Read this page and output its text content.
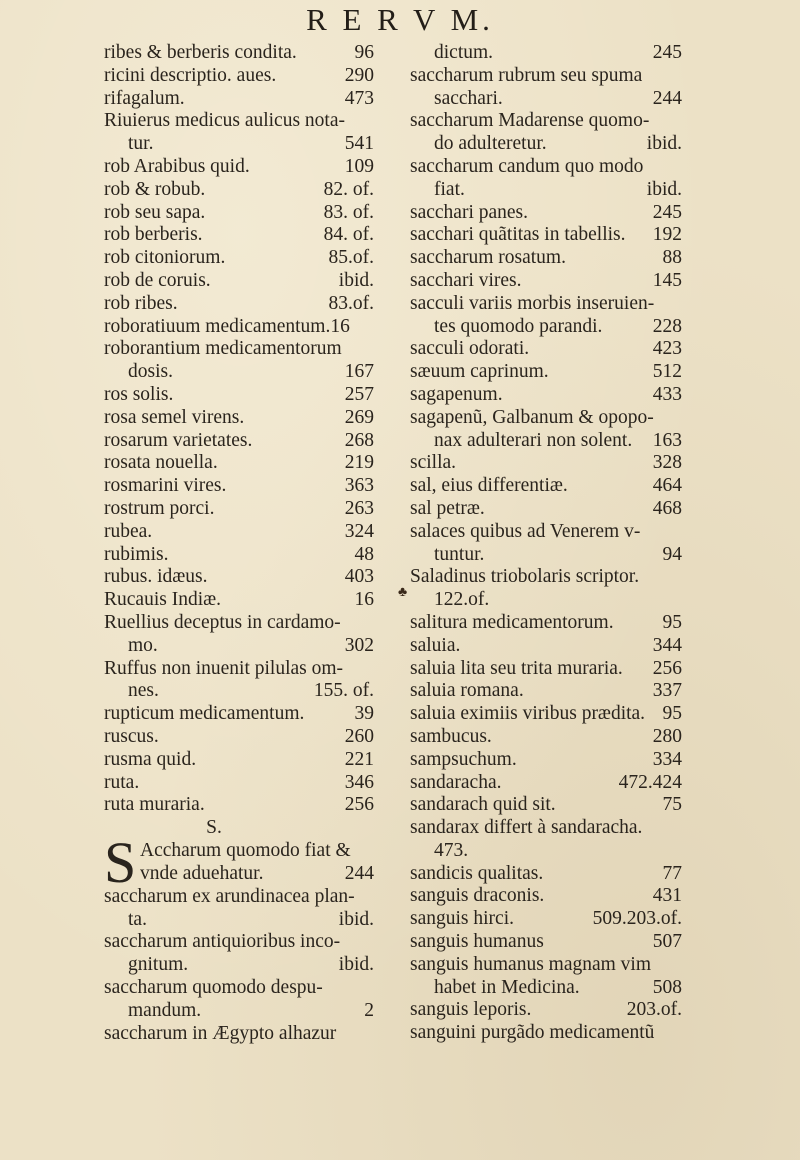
R E R V M.
ribes & berberis condita.	96
ricini descriptio. aues.	290
rifagalum.	473
Riuierus medicus aulicus nota-
tur.	541
rob Arabibus quid.	109
rob & robub.	82. of.
rob seu sapa.	83. of.
rob berberis.	84. of.
rob citoniorum.	85.of.
rob de coruis.	ibid.
rob ribes.	83.of.
roboratiuum medicamentum.16
roborantium medicamentorum
dosis.	167
ros solis.	257
rosa semel virens.	269
rosarum varietates.	268
rosata nouella.	219
rosmarini vires.	363
rostrum porci.	263
rubea.	324
rubimis.	48
rubus. idæus.	403
Rucauis Indiæ.	16
Ruellius deceptus in cardamo-
mo.	302
Ruffus non inuenit pilulas om-
nes.	155. of.
rupticum medicamentum.	39
ruscus.	260
rusma quid.	221
ruta.	346
ruta muraria.	256
S.
S Accharum quomodo fiat &
vnde aduehatur.	244
saccharum ex arundinacea plan-
ta.	ibid.
saccharum antiquioribus inco-
gnitum.	ibid.
saccharum quomodo despu-
mandum.	2
saccharum in Ægypto alhazur
dictum.	245
saccharum rubrum seu spuma
sacchari.	244
saccharum Madarense quomo-
do adulteretur.	ibid.
saccharum candum quo modo
fiat.	ibid.
sacchari panes.	245
sacchari quãtitas in tabellis.	192
saccharum rosatum.	88
sacchari vires.	145
sacculi variis morbis inseruien-
tes quomodo parandi.	228
sacculi odorati.	423
sæuum caprinum.	512
sagapenum.	433
sagapenũ, Galbanum & opopo-
nax adulterari non solent.	163
scilla.	328
sal, eius differentiæ.	464
sal petræ.	468
salaces quibus ad Venerem v-
tuntur.	94
Saladinus triobolaris scriptor.
122.of.
salitura medicamentorum.	95
saluia.	344
saluia lita seu trita muraria.	256
saluia romana.	337
saluia eximiis viribus prædita. 95
sambucus.	280
sampsuchum.	334
sandaracha.	472.424
sandarach quid sit.	75
sandarax differt à sandaracha.
473.
sandicis qualitas.	77
sanguis draconis.	431
sanguis hirci.	509.203.of.
sanguis humanus	507
sanguis humanus magnam vim
habet in Medicina.	508
sanguis leporis.	203.of.
sanguini purgãdo medicamentũ
♣
